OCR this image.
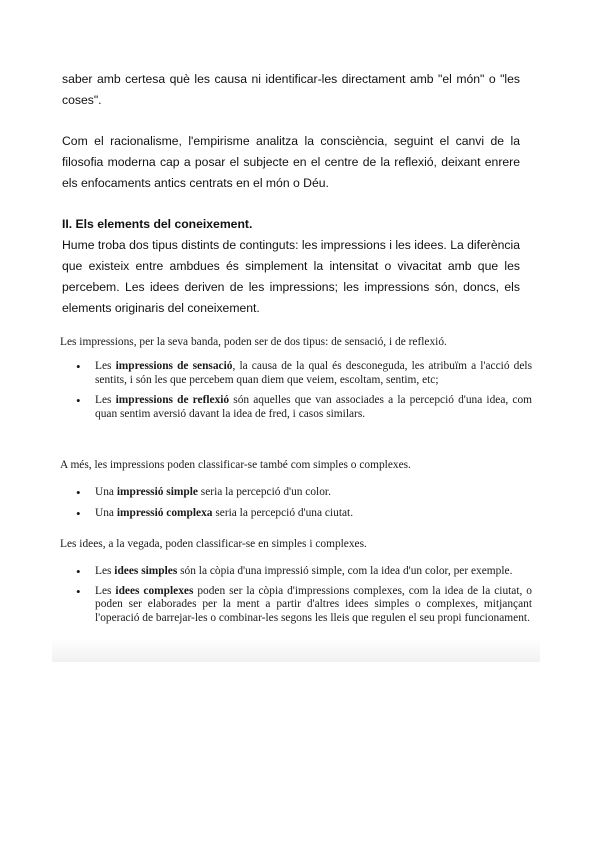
saber amb certesa què les causa ni identificar-les directament amb "el món" o "les coses".

Com el racionalisme, l'empirisme analitza la consciència, seguint el canvi de la filosofia moderna cap a posar el subjecte en el centre de la reflexió, deixant enrere els enfocaments antics centrats en el món o Déu.

II. Els elements del coneixement.

Hume troba dos tipus distints de continguts: les impressions i les idees. La diferència que existeix entre ambdues és simplement la intensitat o vivacitat amb que les percebem. Les idees deriven de les impressions; les impressions són, doncs, els elements originaris del coneixement.

Les impressions, per la seva banda, poden ser de dos tipus: de sensació, i de reflexió.

• Les impressions de sensació, la causa de la qual és desconeguda, les atribuïm a l'acció dels sentits, i són les que percebem quan diem que veiem, escoltam, sentim, etc;
• Les impressions de reflexió són aquelles que van associades a la percepció d'una idea, com quan sentim aversió davant la idea de fred, i casos similars.

A més, les impressions poden classificar-se també com simples o complexes.

• Una impressió simple seria la percepció d'un color.
• Una impressió complexa seria la percepció d'una ciutat.

Les idees, a la vegada, poden classificar-se en simples i complexes.

• Les idees simples són la còpia d'una impressió simple, com la idea d'un color, per exemple.
• Les idees complexes poden ser la còpia d'impressions complexes, com la idea de la ciutat, o poden ser elaborades per la ment a partir d'altres idees simples o complexes, mitjançant l'operació de barrejar-les o combinar-les segons les lleis que regulen el seu propi funcionament.
